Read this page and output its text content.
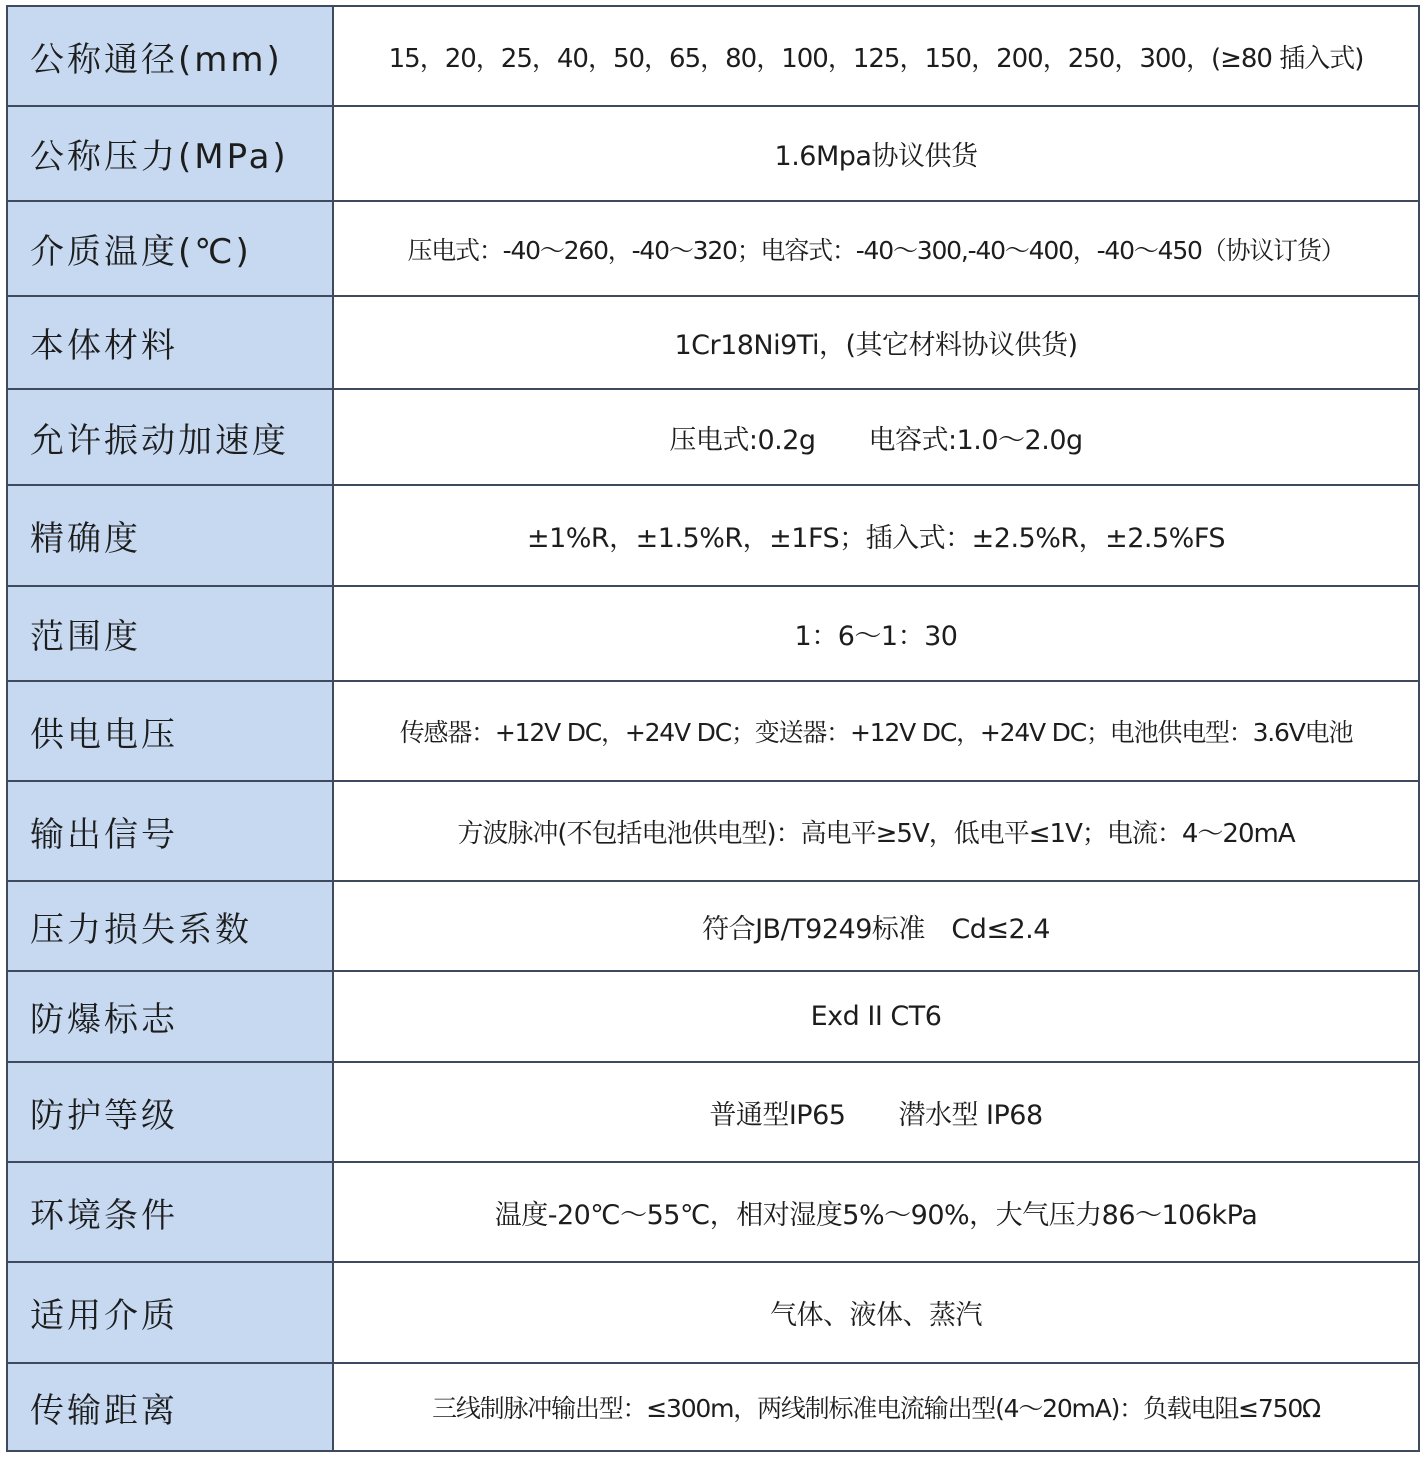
公称通径(mm)	15，20，25，40，50，65，80，100，125，150，200，250，300，(≥80 插入式)
公称压力(MPa)	1.6Mpa协议供货
介质温度(℃)	压电式：-40～260，-40～320；电容式：-40～300,-40～400，-40～450（协议订货）
本体材料	1Cr18Ni9Ti，(其它材料协议供货)
允许振动加速度	压电式:0.2g　　电容式:1.0～2.0g
精确度	±1%R，±1.5%R，±1FS；插入式：±2.5%R，±2.5%FS
范围度	1：6～1：30
供电电压	传感器：+12V DC，+24V DC；变送器：+12V DC，+24V DC；电池供电型：3.6V电池
输出信号	方波脉冲(不包括电池供电型)：高电平≥5V，低电平≤1V；电流：4～20mA
压力损失系数	符合JB/T9249标准　Cd≤2.4
防爆标志	Exd II CT6
防护等级	普通型IP65　　潜水型 IP68
环境条件	温度-20℃～55℃，相对湿度5%～90%，大气压力86～106kPa
适用介质	气体、液体、蒸汽
传输距离	三线制脉冲输出型：≤300m，两线制标准电流输出型(4～20mA)：负载电阻≤750Ω
